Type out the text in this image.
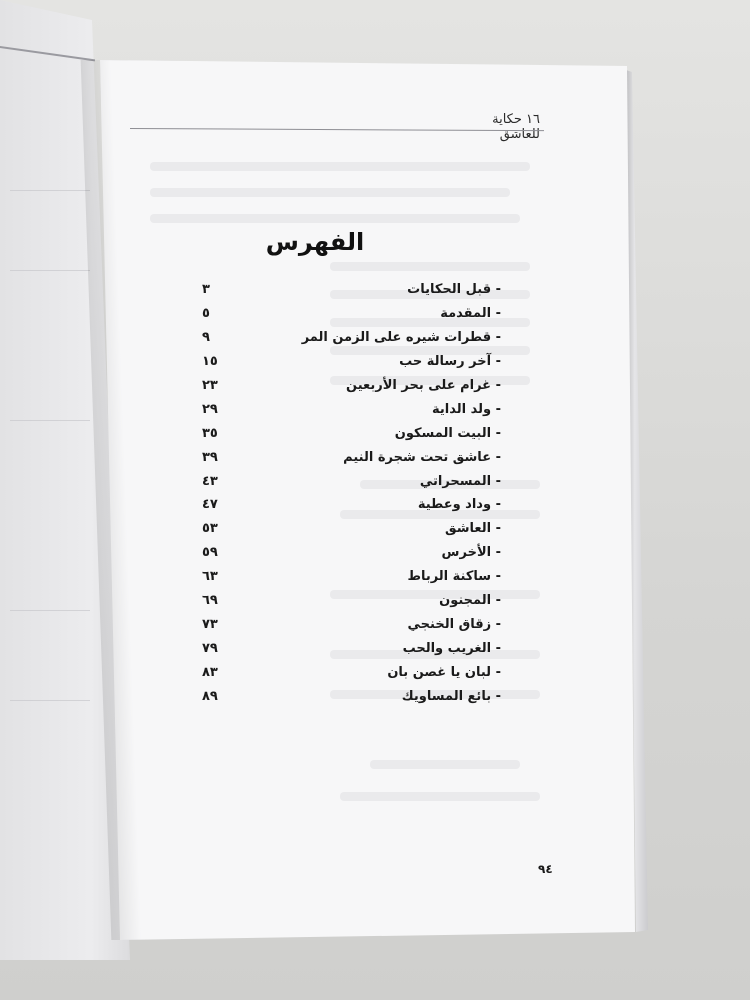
١٦ حكاية للعاشق
الفهرس
- قبل الحكايات
٣
- المقدمة
٥
- قطرات شيره على الزمن المر
٩
- آخر رسالة حب
١٥
- غرام على بحر الأربعين
٢٣
- ولد الداية
٢٩
- البيت المسكون
٣٥
- عاشق تحت شجرة النيم
٣٩
- المسحراتي
٤٣
- وداد وعطية
٤٧
- العاشق
٥٣
- الأخرس
٥٩
- ساكنة الرباط
٦٣
- المجنون
٦٩
- زقاق الخنجي
٧٣
- الغريب والحب
٧٩
- لبان يا غصن بان
٨٣
- بائع المساويك
٨٩
٩٤
